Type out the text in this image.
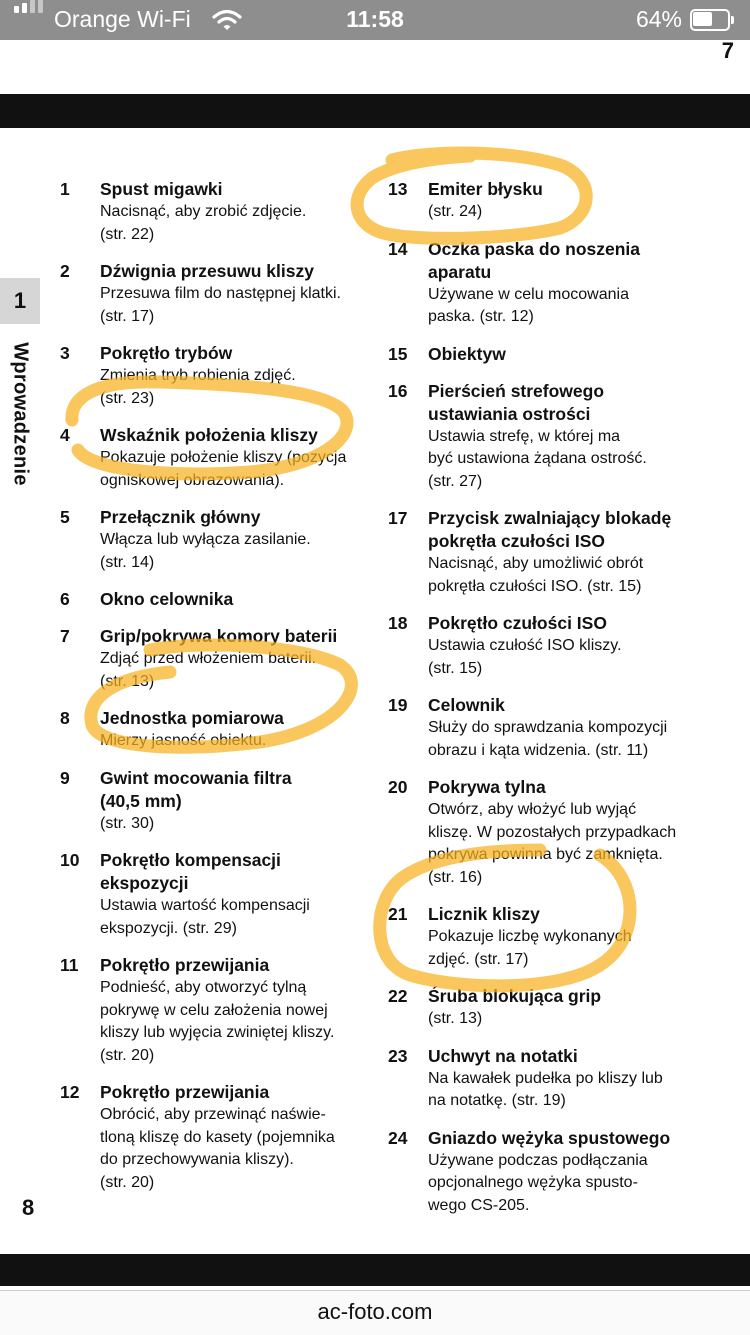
Orange Wi-Fi	11:58	64%
7
1
Wprowadzenie
1 Spust migawki
Nacisnąć, aby zrobić zdjęcie.
(str. 22)
2 Dźwignia przesuwu kliszy
Przesuwa film do następnej klatki.
(str. 17)
3 Pokrętło trybów
Zmienia tryb robienia zdjęć.
(str. 23)
4 Wskaźnik położenia kliszy
Pokazuje położenie kliszy (pozycja
ogniskowej obrazowania).
5 Przełącznik główny
Włącza lub wyłącza zasilanie.
(str. 14)
6 Okno celownika
7 Grip/pokrywa komory baterii
Zdjąć przed włożeniem baterii.
(str. 13)
8 Jednostka pomiarowa
Mierzy jasność obiektu.
9 Gwint mocowania filtra
(40,5 mm)
(str. 30)
10 Pokrętło kompensacji
ekspozycji
Ustawia wartość kompensacji
ekspozycji. (str. 29)
11 Pokrętło przewijania
Podnieść, aby otworzyć tylną
pokrywę w celu założenia nowej
kliszy lub wyjęcia zwiniętej kliszy.
(str. 20)
12 Pokrętło przewijania
Obrócić, aby przewinąć naświe-
tloną kliszę do kasety (pojemnika
do przechowywania kliszy).
(str. 20)
13 Emiter błysku
(str. 24)
14 Oczka paska do noszenia
aparatu
Używane w celu mocowania
paska. (str. 12)
15 Obiektyw
16 Pierścień strefowego
ustawiania ostrości
Ustawia strefę, w której ma
być ustawiona żądana ostrość.
(str. 27)
17 Przycisk zwalniający blokadę
pokrętła czułości ISO
Nacisnąć, aby umożliwić obrót
pokrętła czułości ISO. (str. 15)
18 Pokrętło czułości ISO
Ustawia czułość ISO kliszy.
(str. 15)
19 Celownik
Służy do sprawdzania kompozycji
obrazu i kąta widzenia. (str. 11)
20 Pokrywa tylna
Otwórz, aby włożyć lub wyjąć
kliszę. W pozostałych przypadkach
pokrywa powinna być zamknięta.
(str. 16)
21 Licznik kliszy
Pokazuje liczbę wykonanych
zdjęć. (str. 17)
22 Śruba blokująca grip
(str. 13)
23 Uchwyt na notatki
Na kawałek pudełka po kliszy lub
na notatkę. (str. 19)
24 Gniazdo wężyka spustowego
Używane podczas podłączania
opcjonalnego wężyka spusto-
wego CS-205.
8
ac-foto.com
